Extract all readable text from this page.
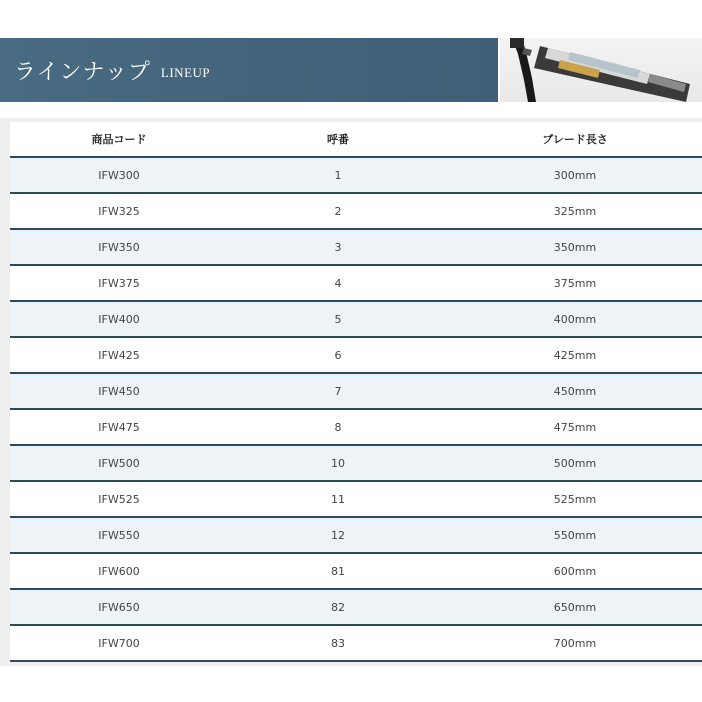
ラインナップ LINEUP
商品コード	呼番	ブレード長さ
IFW300	1	300mm
IFW325	2	325mm
IFW350	3	350mm
IFW375	4	375mm
IFW400	5	400mm
IFW425	6	425mm
IFW450	7	450mm
IFW475	8	475mm
IFW500	10	500mm
IFW525	11	525mm
IFW550	12	550mm
IFW600	81	600mm
IFW650	82	650mm
IFW700	83	700mm
